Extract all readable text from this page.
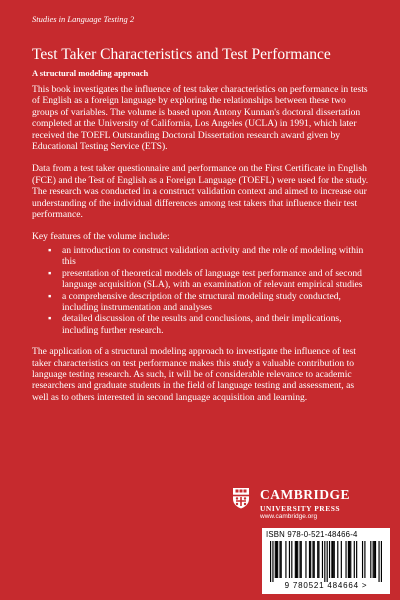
Studies in Language Testing 2
Test Taker Characteristics and Test Performance
A structural modeling approach

This book investigates the influence of test taker characteristics on performance in tests of English as a foreign language by exploring the relationships between these two groups of variables. The volume is based upon Antony Kunnan's doctoral dissertation completed at the University of California, Los Angeles (UCLA) in 1991, which later received the TOEFL Outstanding Doctoral Dissertation research award given by Educational Testing Service (ETS).

Data from a test taker questionnaire and performance on the First Certificate in English (FCE) and the Test of English as a Foreign Language (TOEFL) were used for the study. The research was conducted in a construct validation context and aimed to increase our understanding of the individual differences among test takers that influence their test performance.

Key features of the volume include:

▪ an introduction to construct validation activity and the role of modeling within this
▪ presentation of theoretical models of language test performance and of second language acquisition (SLA), with an examination of relevant empirical studies
▪ a comprehensive description of the structural modeling study conducted, including instrumentation and analyses
▪ detailed discussion of the results and conclusions, and their implications, including further research.

The application of a structural modeling approach to investigate the influence of test taker characteristics on test performance makes this study a valuable contribution to language testing research. As such, it will be of considerable relevance to academic researchers and graduate students in the field of language testing and assessment, as well as to others interested in second language acquisition and learning.

CAMBRIDGE
UNIVERSITY PRESS
www.cambridge.org
ISBN 978-0-521-48466-4
9 780521 484664 >
